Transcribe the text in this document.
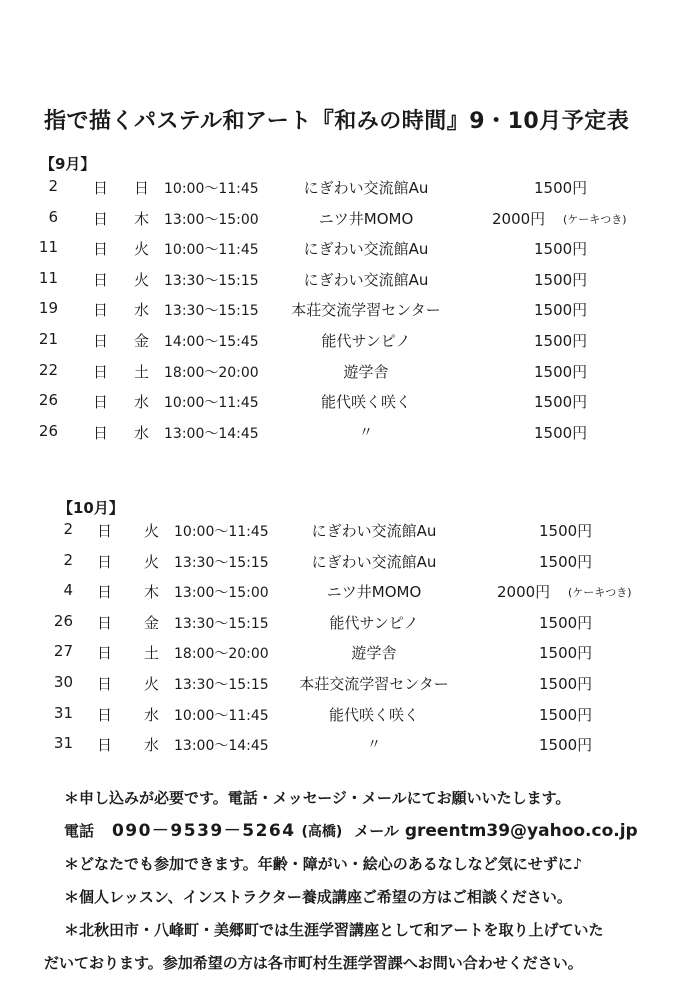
指で描くパステル和アート『和みの時間』9・10月予定表
【9月】
2 日 日 10:00～11:45	にぎわい交流館Au	1500円
6 日 木 13:00～15:00	ニツ井MOMO	2000円 (ケーキつき)
11 日 火 10:00～11:45	にぎわい交流館Au	1500円
11 日 火 13:30～15:15	にぎわい交流館Au	1500円
19 日 水 13:30～15:15	本荘交流学習センター	1500円
21 日 金 14:00～15:45	能代サンピノ	1500円
22 日 土 18:00～20:00	遊学舎	1500円
26 日 水 10:00～11:45	能代咲く咲く	1500円
26 日 水 13:00～14:45	〃	1500円
【10月】
2 日 火 10:00～11:45	にぎわい交流館Au	1500円
2 日 火 13:30～15:15	にぎわい交流館Au	1500円
4 日 木 13:00～15:00	ニツ井MOMO	2000円 (ケーキつき)
26 日 金 13:30～15:15	能代サンピノ	1500円
27 日 土 18:00～20:00	遊学舎	1500円
30 日 火 13:30～15:15	本荘交流学習センター	1500円
31 日 水 10:00～11:45	能代咲く咲く	1500円
31 日 水 13:00～14:45	〃	1500円
＊申し込みが必要です。電話・メッセージ・メールにてお願いいたします。
電話 090－9539－5264 (高橋) メール greentm39@yahoo.co.jp
＊どなたでも参加できます。年齢・障がい・絵心のあるなしなど気にせずに♪
＊個人レッスン、インストラクター養成講座ご希望の方はご相談ください。
＊北秋田市・八峰町・美郷町では生涯学習講座として和アートを取り上げていた
だいております。参加希望の方は各市町村生涯学習課へお問い合わせください。
